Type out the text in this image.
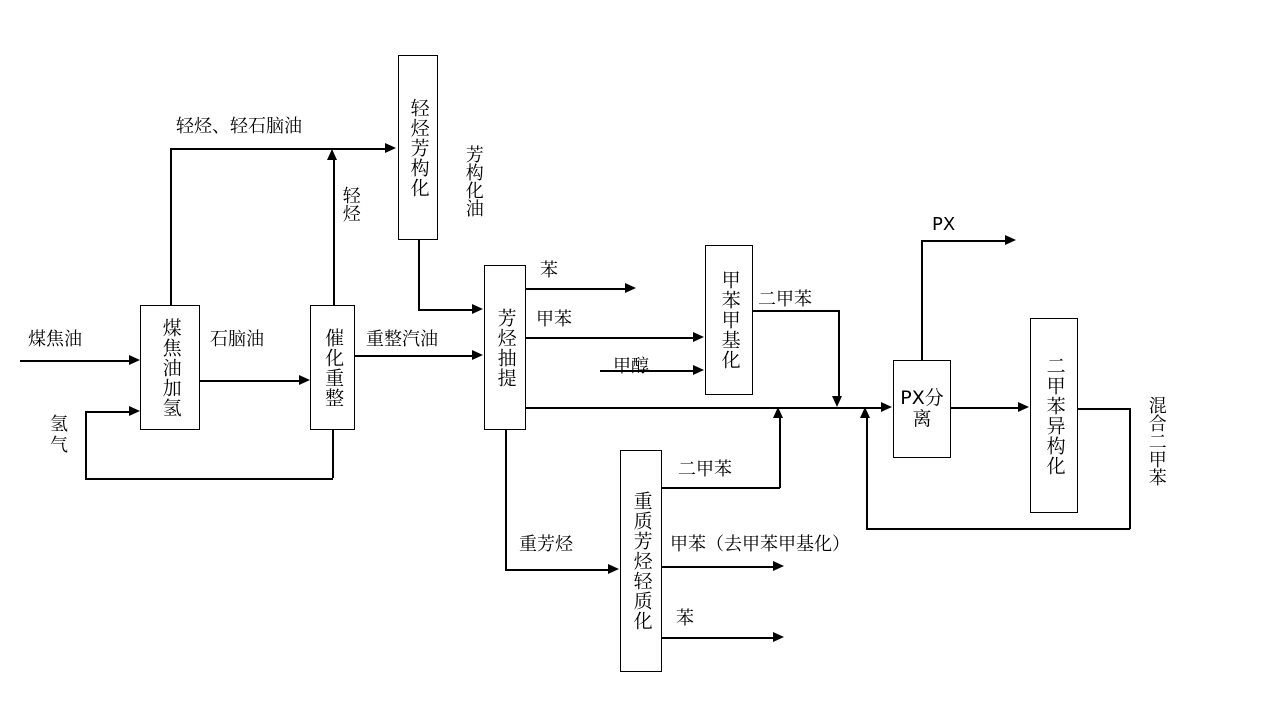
煤焦油加氢	催化重整
轻烃芳构化
芳烃抽提	甲苯甲基化
PX分离	二甲苯异构化
重质芳烃轻质化
煤焦油
氢气
石脑油
轻烃、轻石脑油
轻烃	芳构化油
重整汽油
苯
甲苯
甲醇
二甲苯
PX
混合二甲苯
重芳烃
二甲苯
甲苯（去甲苯甲基化）
苯
